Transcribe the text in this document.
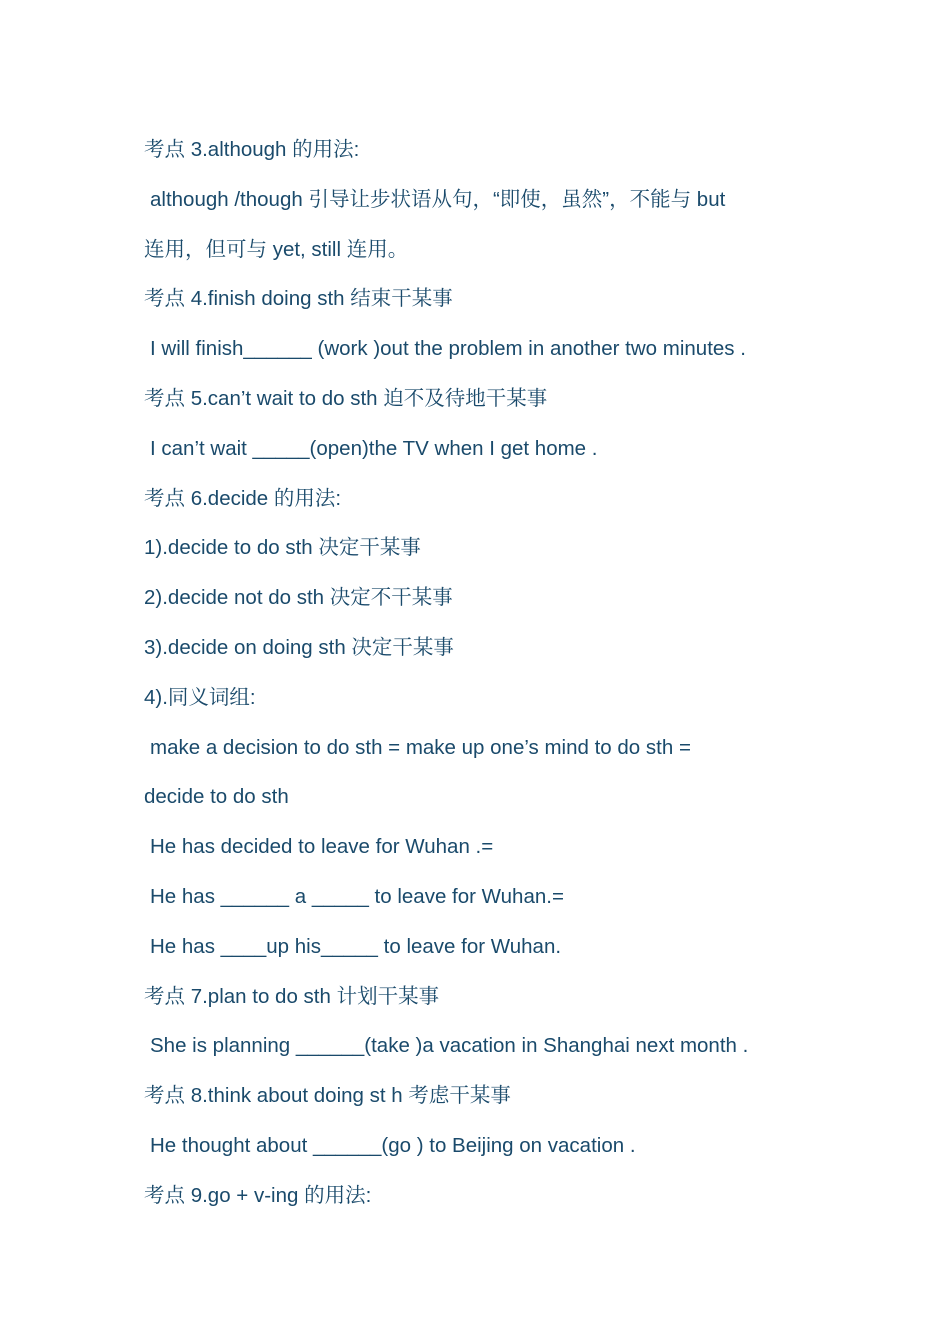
考点 3.although 的用法:
although /though 引导让步状语从句，“即使，虽然”，不能与 but
连用，但可与 yet, still 连用。
考点 4.finish doing sth 结束干某事
I will finish______ (work )out the problem in another two minutes .
考点 5.can’t wait to do sth 迫不及待地干某事
I can’t wait _____(open)the TV when I get home .
考点 6.decide 的用法:
1).decide to do sth 决定干某事
2).decide not do sth 决定不干某事
3).decide on doing sth 决定干某事
4).同义词组:
make a decision to do sth = make up one’s mind to do sth =
decide to do sth
He has decided to leave for Wuhan .=
He has ______ a _____ to leave for Wuhan.=
He has ____up his_____ to leave for Wuhan.
考点 7.plan to do sth 计划干某事
She is planning ______(take )a vacation in Shanghai next month .
考点 8.think about doing st h 考虑干某事
He thought about ______(go ) to Beijing on vacation .
考点 9.go + v-ing 的用法:
